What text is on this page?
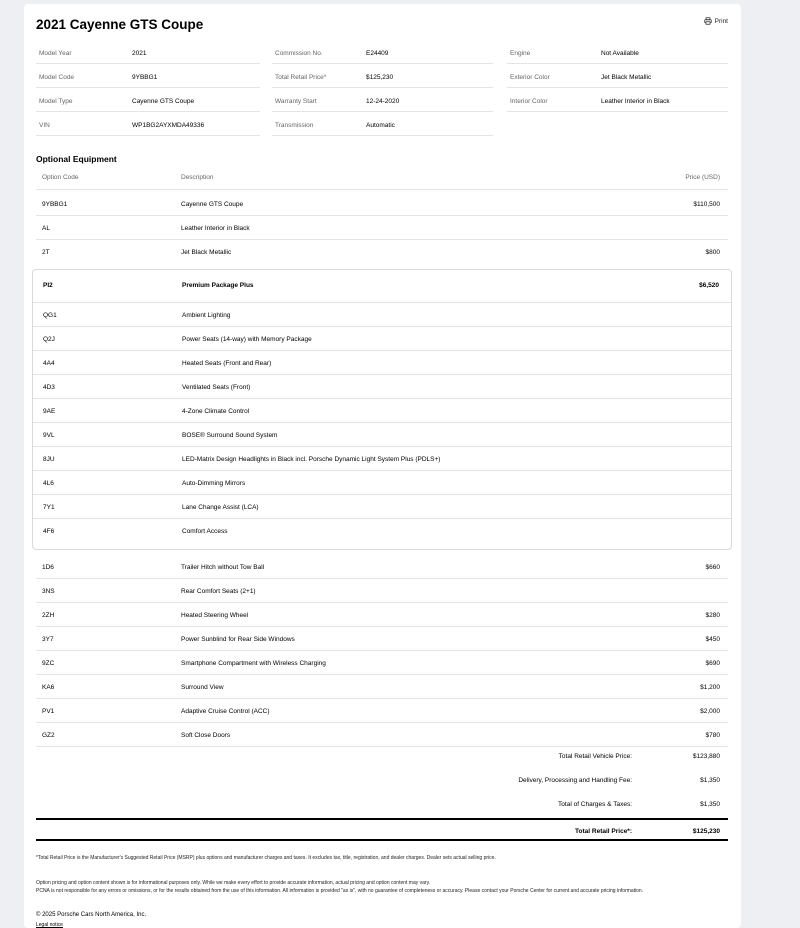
2021 Cayenne GTS Coupe	Print
Model Year	2021
Model Code	9YBBG1
Model Type	Cayenne GTS Coupe
VIN	WP1BG2AYXMDA49336
Commission No.	E24409
Total Retail Price*	$125,230
Warranty Start	12-24-2020
Transmission	Automatic
Engine	Not Available
Exterior Color	Jet Black Metallic
Interior Color	Leather Interior in Black
Optional Equipment
Option Code	Description	Price (USD)
9YBBG1	Cayenne GTS Coupe	$110,500
AL	Leather Interior in Black
2T	Jet Black Metallic	$800
PI2	Premium Package Plus	$6,520
QG1	Ambient Lighting
Q2J	Power Seats (14-way) with Memory Package
4A4	Heated Seats (Front and Rear)
4D3	Ventilated Seats (Front)
9AE	4-Zone Climate Control
9VL	BOSE® Surround Sound System
8JU	LED-Matrix Design Headlights in Black incl. Porsche Dynamic Light System Plus (PDLS+)
4L6	Auto-Dimming Mirrors
7Y1	Lane Change Assist (LCA)
4F6	Comfort Access
1D6	Trailer Hitch without Tow Ball	$660
3NS	Rear Comfort Seats (2+1)
2ZH	Heated Steering Wheel	$280
3Y7	Power Sunblind for Rear Side Windows	$450
9ZC	Smartphone Compartment with Wireless Charging	$690
KA6	Surround View	$1,200
PV1	Adaptive Cruise Control (ACC)	$2,000
GZ2	Soft Close Doors	$780
Total Retail Vehicle Price:	$123,880
Delivery, Processing and Handling Fee:	$1,350
Total of Charges & Taxes:	$1,350
Total Retail Price*:	$125,230
*Total Retail Price is the Manufacturer's Suggested Retail Price (MSRP) plus options and manufacturer charges and taxes. It excludes tax, title, registration, and dealer charges. Dealer sets actual selling price.
Option pricing and option content shown is for informational purposes only. While we make every effort to provide accurate information, actual pricing and option content may vary.
PCNA is not responsible for any errors or omissions, or for the results obtained from the use of this information. All information is provided "as is", with no guarantee of completeness or accuracy. Please contact your Porsche Center for current and accurate pricing information.
© 2025 Porsche Cars North America, Inc.
Legal notice
